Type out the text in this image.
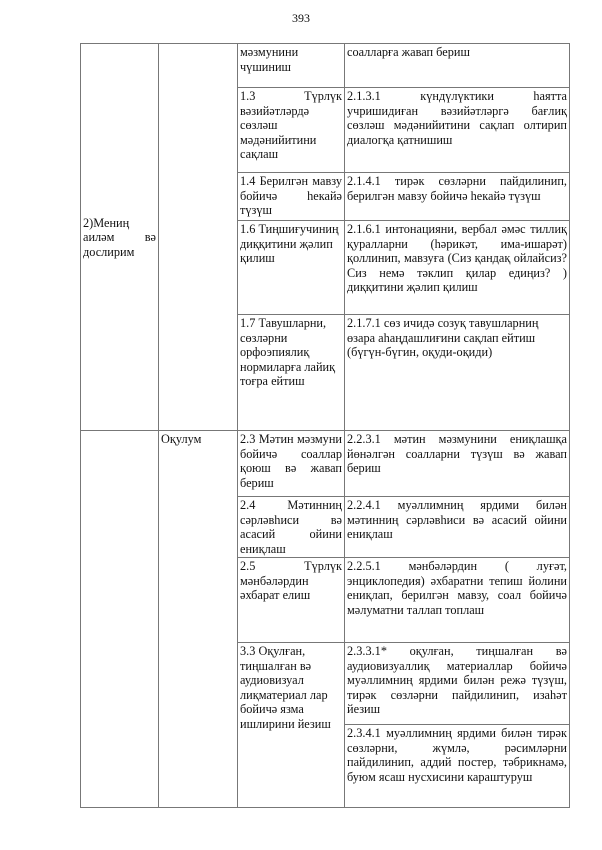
393
2)Мениң аиләм вә дослирим		мәзмунини чүшиниш	соалларға жавап бериш
		1.3 Түрлүк вәзийәтләрдә сөзләш мәдәнийитини сақлаш	2.1.3.1 күндүлүктики һаятта учришидиған вәзийәтләргә бағлиқ сөзләш мәдәнийитини сақлап олтирип диалогқа қатнишиш
		1.4 Берилгән мавзу бойичә һекайә түзүш	2.1.4.1 тирәк сөзләрни пайдилинип, берилгән мавзу бойичә һекайә түзүш
		1.6 Тиңшиғучиниң диққитини җәлип қилиш	2.1.6.1 интонацияни, вербал әмәс тиллиқ қуралларни (һәрикәт, има-ишарәт) қоллинип, мавзуға (Сиз қандақ ойлайсиз? Сиз немә тәклип қилар едиңиз? ) диққитини җәлип қилиш
		1.7 Тавушларни, сөзләрни орфоэпиялиқ нормиларға лайиқ тоғра ейтиш	2.1.7.1 сөз ичидә созуқ тавушларниң өзара аһаңдашлиғини сақлап ейтиш (бүгүн-бүгин, оқуди-оқиди)
	Оқулум	2.3 Мәтин мәзмуни бойичә соаллар қоюш вә жавап бериш	2.2.3.1 мәтин мәзмунини ениқлашқа йөнәлгән соалларни түзүш вә жавап бериш
		2.4 Мәтинниң сәрләвһиси вә асасий ойини ениқлаш	2.2.4.1 муәллимниң ярдими билән мәтинниң сәрләвһиси вә асасий ойини ениқлаш
		2.5 Түрлүк мәнбәләрдин әхбарат елиш	2.2.5.1 мәнбәләрдин ( луғәт, энциклопедия) әхбаратни тепиш йолини ениқлап, берилгән мавзу, соал бойичә мәлуматни таллап топлаш
		3.3 Оқулған, тиңшалған вә аудиовизуал лиқматериал лар бойичә язма ишлирини йезиш	2.3.3.1* оқулған, тиңшалған вә аудиовизуаллиқ материаллар бойичә муәллимниң ярдими билән режә түзүш, тирәк сөзләрни пайдилинип, изаһәт йезиш
			2.3.4.1 муәллимниң ярдими билән тирәк сөзләрни, жүмлә, рәсимләрни пайдилинип, аддий постер, тәбрикнамә, буюм ясаш нусхисини караштуруш
